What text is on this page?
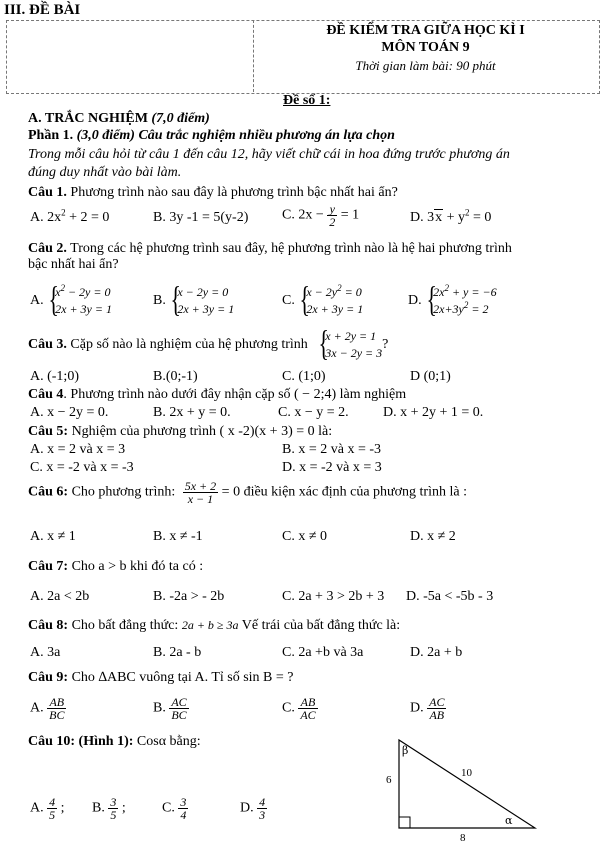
III. ĐỀ BÀI
ĐỀ KIỂM TRA GIỮA HỌC KÌ I
MÔN TOÁN 9
Thời gian làm bài: 90 phút
Đề số 1:
A. TRẮC NGHIỆM (7,0 điểm)
Phần 1. (3,0 điểm) Câu trắc nghiệm nhiều phương án lựa chọn
Trong mỗi câu hỏi từ câu 1 đến câu 12, hãy viết chữ cái in hoa đứng trước phương án
đúng duy nhất vào bài làm.
Câu 1. Phương trình nào sau đây là phương trình bậc nhất hai ẩn?
A. $2x^2 + 2 = 0$	B. 3y -1 = 5(y-2) C. $2x - \frac{y}{2} = 1$	D. $3x + y^2 = 0$
Câu 2. Trong các hệ phương trình sau đây, hệ phương trình nào là hệ hai phương trình
bậc nhất hai ẩn?
A.
{ $x^2 - 2y = 0$
2x + 3y = 1
B.
{ x − 2y = 0
2x + 3y = 1
C.
{ $x - 2y^2 = 0$
2x + 3y = 1
D.
{ $2x^2 + y = -6$
$2x+3y^2 = 2$
Câu 3. Cặp số nào là nghiệm của hệ phương trình
{ x + 2y = 1
3x − 2y = 3
?
A. (-1;0)	B.(0;-1)	C. (1;0)	D (0;1)
Câu 4. Phương trình nào dưới đây nhận cặp số ( − 2;4) làm nghiệm
A. x − 2y = 0.	B. 2x + y = 0.	C. x − y = 2. D. x + 2y + 1 = 0.
Câu 5: Nghiệm của phương trình ( x -2)(x + 3) = 0 là:
A. x = 2 và x = 3	B. x = 2 và x = -3
C. x = -2 và x = -3	D. x = -2 và x = 3
Câu 6: Cho phương trình: $\frac{5x + 2}{x - 1} = 0$ điều kiện xác định của phương trình là :
A. x ≠ 1	B. x ≠ -1	C. x ≠ 0	D. x ≠ 2
Câu 7: Cho a > b khi đó ta có :
A. 2a < 2b	B. -2a > - 2b	C. 2a + 3 > 2b + 3 D. -5a < -5b - 3
Câu 8: Cho bất đẳng thức: 2a + b ≥ 3a Vế trái của bất đẳng thức là:
A. 3a	B. 2a - b	C. 2a +b và 3a	D. 2a + b
Câu 9: Cho ∆ABC vuông tại A. Tỉ số sin B = ?
A. $\frac{AB}{BC}$	B. $\frac{AC}{BC}$	C. $\frac{AB}{AC}$	D. $\frac{AC}{AB}$
Câu 10: (Hình 1): Cosα bằng:
A. $\frac{4}{5}$ ; B. $\frac{3}{5}$ ;	C. $\frac{3}{4}$	D. $\frac{4}{3}$
β
α
6
10
8
